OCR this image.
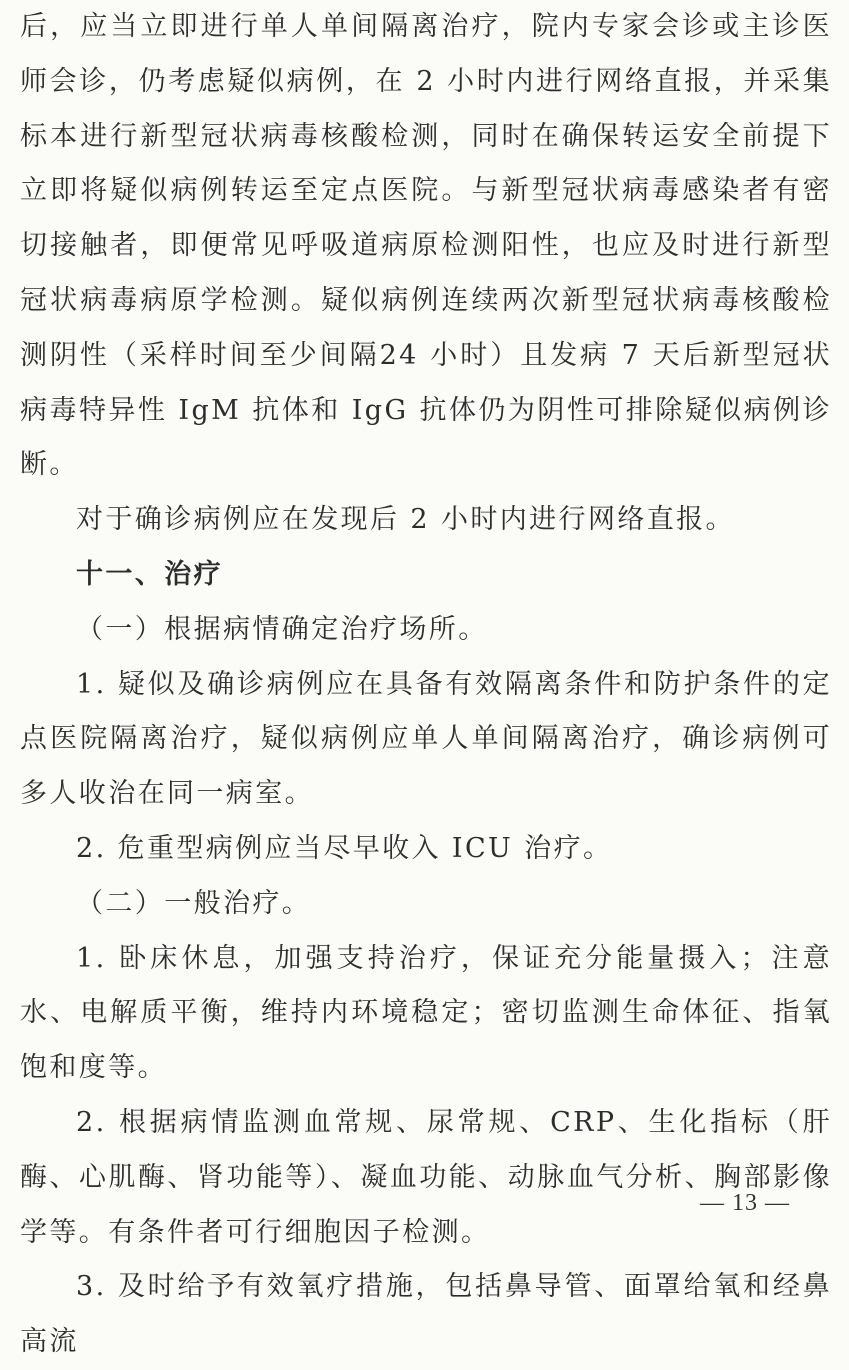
后，应当立即进行单人单间隔离治疗，院内专家会诊或主诊医师会诊，仍考虑疑似病例，在 2 小时内进行网络直报，并采集标本进行新型冠状病毒核酸检测，同时在确保转运安全前提下立即将疑似病例转运至定点医院。与新型冠状病毒感染者有密切接触者，即便常见呼吸道病原检测阳性，也应及时进行新型冠状病毒病原学检测。疑似病例连续两次新型冠状病毒核酸检测阴性（采样时间至少间隔24 小时）且发病 7 天后新型冠状病毒特异性 IgM 抗体和 IgG 抗体仍为阴性可排除疑似病例诊断。

对于确诊病例应在发现后 2 小时内进行网络直报。

十一、治疗

（一）根据病情确定治疗场所。

1. 疑似及确诊病例应在具备有效隔离条件和防护条件的定点医院隔离治疗，疑似病例应单人单间隔离治疗，确诊病例可多人收治在同一病室。

2. 危重型病例应当尽早收入 ICU 治疗。

（二）一般治疗。

1. 卧床休息，加强支持治疗，保证充分能量摄入；注意水、电解质平衡，维持内环境稳定；密切监测生命体征、指氧饱和度等。

2. 根据病情监测血常规、尿常规、CRP、生化指标（肝酶、心肌酶、肾功能等）、凝血功能、动脉血气分析、胸部影像学等。有条件者可行细胞因子检测。

3. 及时给予有效氧疗措施，包括鼻导管、面罩给氧和经鼻高流

— 13 —
